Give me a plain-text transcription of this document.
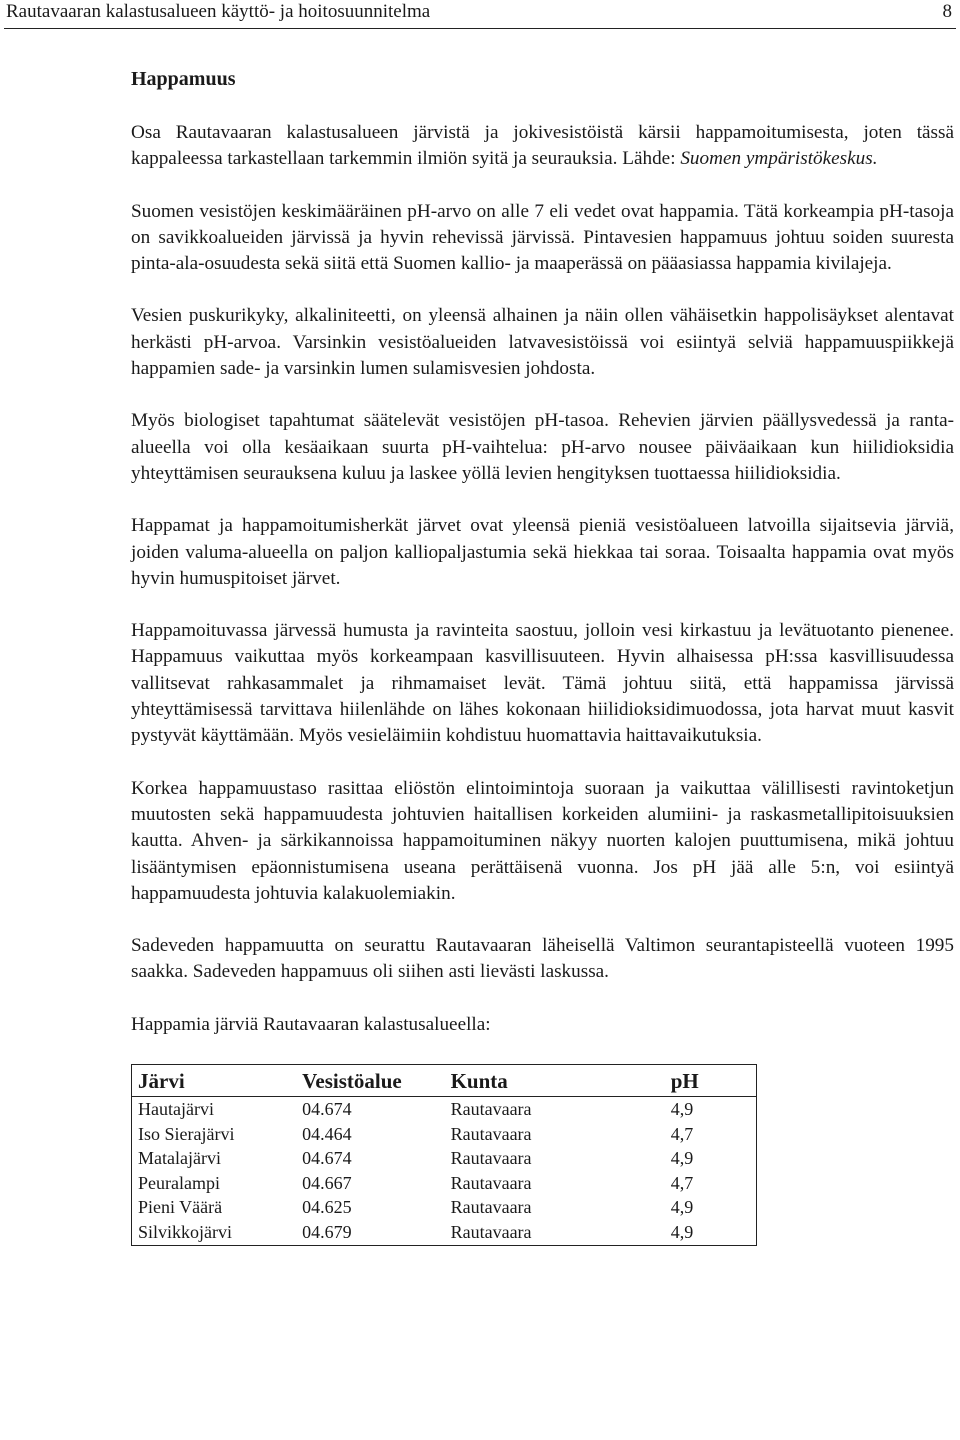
Rautavaaran kalastusalueen käyttö- ja hoitosuunnitelma	8
Happamuus

Osa Rautavaaran kalastusalueen järvistä ja jokivesistöistä kärsii happamoitumisesta, joten tässä kappaleessa tarkastellaan tarkemmin ilmiön syitä ja seurauksia. Lähde: Suomen ympäristökeskus.

Suomen vesistöjen keskimääräinen pH-arvo on alle 7 eli vedet ovat happamia. Tätä korkeampia pH-tasoja on savikkoalueiden järvissä ja hyvin rehevissä järvissä. Pintavesien happamuus johtuu soiden suuresta pinta-ala-osuudesta sekä siitä että Suomen kallio- ja maaperässä on pääasiassa happamia kivilajeja.

Vesien puskurikyky, alkaliniteetti, on yleensä alhainen ja näin ollen vähäisetkin happolisäykset alentavat herkästi pH-arvoa. Varsinkin vesistöalueiden latvavesistöissä voi esiintyä selviä happamuuspiikkejä happamien sade- ja varsinkin lumen sulamisvesien johdosta.

Myös biologiset tapahtumat säätelevät vesistöjen pH-tasoa. Rehevien järvien päällysvedessä ja ranta-alueella voi olla kesäaikaan suurta pH-vaihtelua: pH-arvo nousee päiväaikaan kun hiilidioksidia yhteyttämisen seurauksena kuluu ja laskee yöllä levien hengityksen tuottaessa hiilidioksidia.

Happamat ja happamoitumisherkät järvet ovat yleensä pieniä vesistöalueen latvoilla sijaitsevia järviä, joiden valuma-alueella on paljon kalliopaljastumia sekä hiekkaa tai soraa. Toisaalta happamia ovat myös hyvin humuspitoiset järvet.

Happamoituvassa järvessä humusta ja ravinteita saostuu, jolloin vesi kirkastuu ja levätuotanto pienenee. Happamuus vaikuttaa myös korkeampaan kasvillisuuteen. Hyvin alhaisessa pH:ssa kasvillisuudessa vallitsevat rahkasammalet ja rihmamaiset levät. Tämä johtuu siitä, että happamissa järvissä yhteyttämisessä tarvittava hiilenlähde on lähes kokonaan hiilidioksidimuodossa, jota harvat muut kasvit pystyvät käyttämään. Myös vesieläimiin kohdistuu huomattavia haittavaikutuksia.

Korkea happamuustaso rasittaa eliöstön elintoimintoja suoraan ja vaikuttaa välillisesti ravintoketjun muutosten sekä happamuudesta johtuvien haitallisen korkeiden alumiini- ja raskasmetallipitoisuuksien kautta. Ahven- ja särkikannoissa happamoituminen näkyy nuorten kalojen puuttumisena, mikä johtuu lisääntymisen epäonnistumisena useana perättäisenä vuonna. Jos pH jää alle 5:n, voi esiintyä happamuudesta johtuvia kalakuolemiakin.

Sadeveden happamuutta on seurattu Rautavaaran läheisellä Valtimon seurantapisteellä vuoteen 1995 saakka. Sadeveden happamuus oli siihen asti lievästi laskussa.

Happamia järviä Rautavaaran kalastusalueella:

Järvi	Vesistöalue	Kunta	pH
Hautajärvi	04.674	Rautavaara	4,9
Iso Sierajärvi	04.464	Rautavaara	4,7
Matalajärvi	04.674	Rautavaara	4,9
Peuralampi	04.667	Rautavaara	4,7
Pieni Väärä	04.625	Rautavaara	4,9
Silvikkojärvi	04.679	Rautavaara	4,9
